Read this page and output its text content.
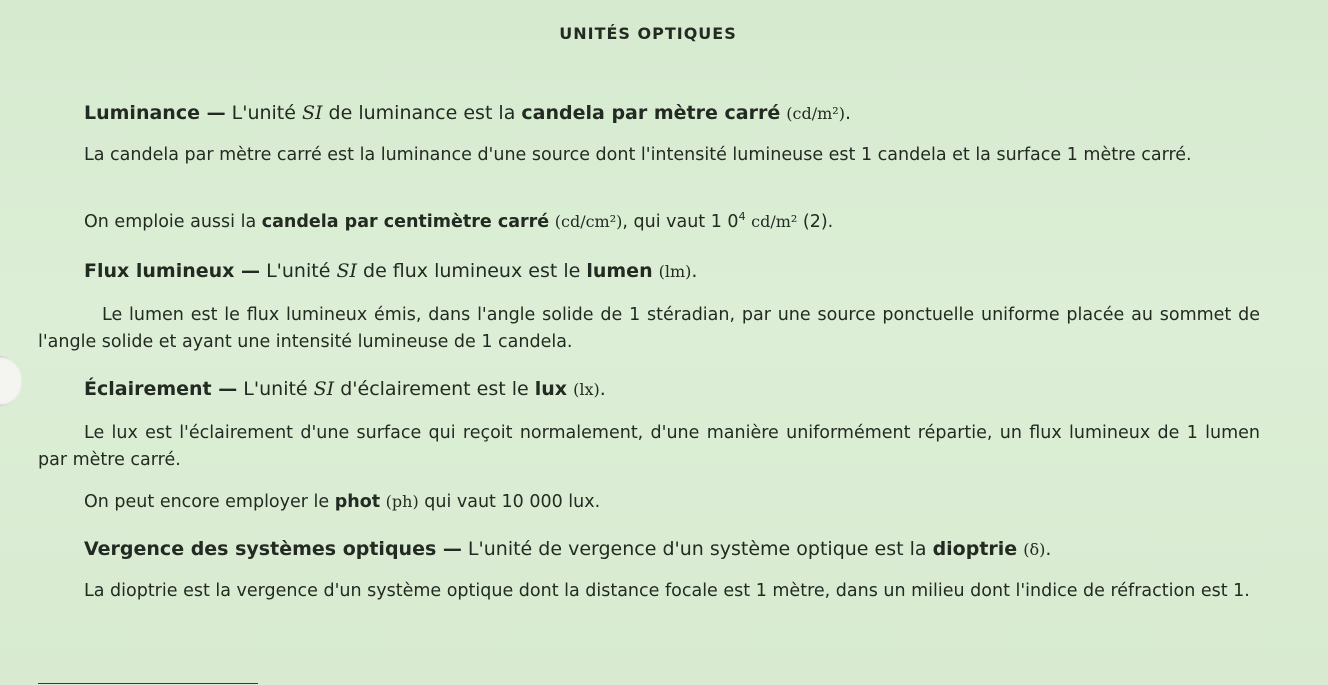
UNITÉS OPTIQUES

Luminance — L'unité SI de luminance est la candela par mètre carré (cd/m²).

La candela par mètre carré est la luminance d'une source dont l'intensité lumineuse est 1 candela et la surface 1 mètre carré.

On emploie aussi la candela par centimètre carré (cd/cm²), qui vaut 1 $0^4$ cd/m² (2).

Flux lumineux — L'unité SI de flux lumineux est le lumen (lm).

Le lumen est le flux lumineux émis, dans l'angle solide de 1 stéradian, par une source ponctuelle uniforme placée au sommet de l'angle solide et ayant une intensité lumineuse de 1 candela.

Éclairement — L'unité SI d'éclairement est le lux (lx).

Le lux est l'éclairement d'une surface qui reçoit normalement, d'une manière uniformément répartie, un flux lumineux de 1 lumen par mètre carré.

On peut encore employer le phot (ph) qui vaut 10 000 lux.

Vergence des systèmes optiques — L'unité de vergence d'un système optique est la dioptrie (δ).

La dioptrie est la vergence d'un système optique dont la distance focale est 1 mètre, dans un milieu dont l'indice de réfraction est 1.
